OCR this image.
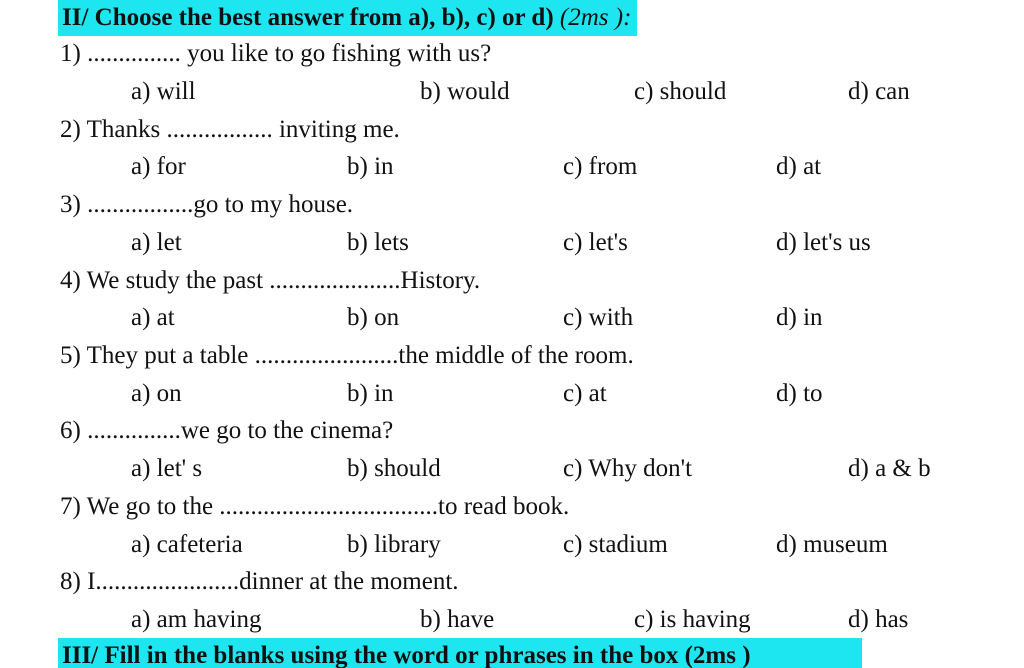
II/ Choose the best answer from a), b), c) or d) (2ms ):
1) ............... you like to go fishing with us?
a) will	b) would	c) should	d) can
2) Thanks ................. inviting me.
a) for	b) in	c) from	d) at
3) .................go to my house.
a) let	b) lets	c) let's	d) let's us
4) We study the past .....................History.
a) at	b) on	c) with	d) in
5) They put a table .......................the middle of the room.
a) on	b) in	c) at	d) to
6) ...............we go to the cinema?
a) let' s	b) should	c) Why don't	d) a & b
7) We go to the ...................................to read book.
a) cafeteria	b) library	c) stadium	d) museum
8) I.......................dinner at the moment.
a) am having	b) have	c) is having	d) has
III/ Fill in the blanks using the word or phrases in the box (2ms )
